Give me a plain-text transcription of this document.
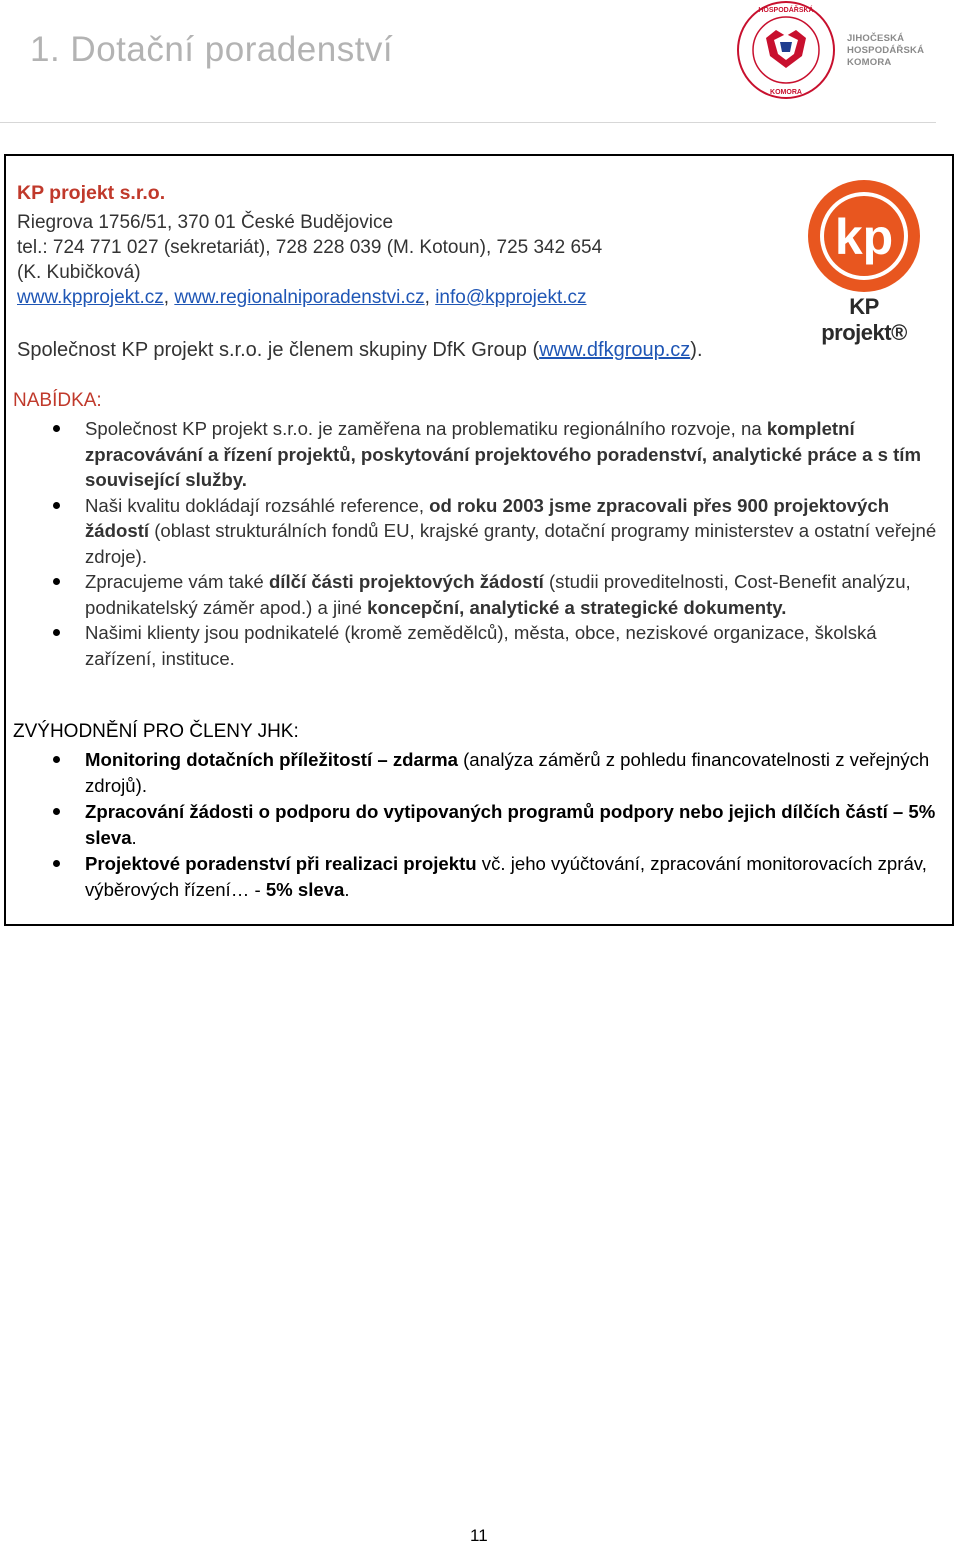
1. Dotační poradenství
HOSPODÁŘSKÁ
KOMORA
JIHOČESKÁ
HOSPODÁŘSKÁ
KOMORA
KP projekt s.r.o.
Riegrova 1756/51, 370 01 České Budějovice
tel.: 724 771 027 (sekretariát), 728 228 039 (M. Kotoun), 725 342 654
(K. Kubičková)
www.kpprojekt.cz, www.regionalniporadenstvi.cz, info@kpprojekt.cz
Společnost KP projekt s.r.o. je členem skupiny DfK Group (www.dfkgroup.cz).
kp
KP projekt®
NABÍDKA:
Společnost KP projekt s.r.o. je zaměřena na problematiku regionálního rozvoje, na kompletní zpracovávání a řízení projektů, poskytování projektového poradenství, analytické práce a s tím související služby.
Naši kvalitu dokládají rozsáhlé reference, od roku 2003 jsme zpracovali přes 900 projektových žádostí (oblast strukturálních fondů EU, krajské granty, dotační programy ministerstev a ostatní veřejné zdroje).
Zpracujeme vám také dílčí části projektových žádostí (studii proveditelnosti, Cost-Benefit analýzu, podnikatelský záměr apod.) a jiné koncepční, analytické a strategické dokumenty.
Našimi klienty jsou podnikatelé (kromě zemědělců), města, obce, neziskové organizace, školská zařízení, instituce.
ZVÝHODNĚNÍ PRO ČLENY JHK:
Monitoring dotačních příležitostí – zdarma (analýza záměrů z pohledu financovatelnosti z veřejných zdrojů).
Zpracování žádosti o podporu do vytipovaných programů podpory nebo jejich dílčích částí – 5% sleva.
Projektové poradenství při realizaci projektu vč. jeho vyúčtování, zpracování monitorovacích zpráv, výběrových řízení… - 5% sleva.
11
